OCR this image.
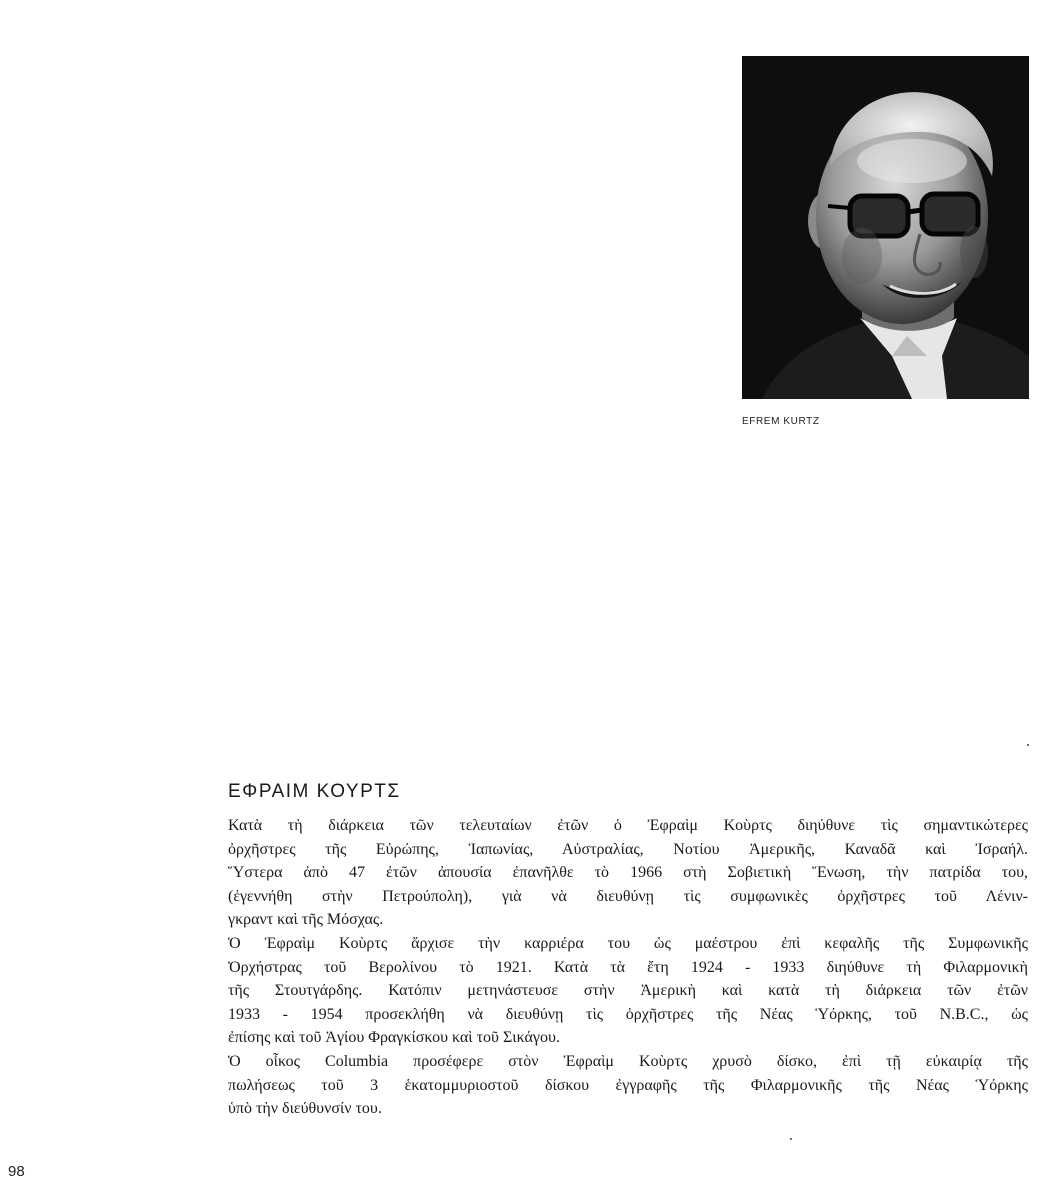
EFREM KURTZ
ΕΦΡΑΙΜ ΚΟΥΡΤΣ
Κατὰ τὴ διάρκεια τῶν τελευταίων ἐτῶν ὁ Ἐφραὶμ Κοὺρτς διηύθυνε τὶς σημαντικώτερες
ὀρχῆστρες τῆς Εὐρώπης, Ἰαπωνίας, Αὐστραλίας, Νοτίου Ἀμερικῆς, Καναδᾶ καὶ Ἰσραήλ.
Ὕστερα ἀπὸ 47 ἐτῶν ἀπουσία ἐπανῆλθε τὸ 1966 στὴ Σοβιετικὴ Ἕνωση, τὴν πατρίδα του,
(ἐγεννήθη στὴν Πετρούπολη), γιὰ νὰ διευθύνῃ τὶς συμφωνικὲς ὀρχῆστρες τοῦ Λένιν-
γκραντ καὶ τῆς Μόσχας.
Ὁ Ἐφραὶμ Κοὺρτς ἄρχισε τὴν καρριέρα του ὡς μαέστρου ἐπὶ κεφαλῆς τῆς Συμφωνικῆς
Ὀρχήστρας τοῦ Βερολίνου τὸ 1921. Κατὰ τὰ ἔτη 1924 - 1933 διηύθυνε τὴ Φιλαρμονικὴ
τῆς Στουτγάρδης. Κατόπιν μετηνάστευσε στὴν Ἀμερικὴ καὶ κατὰ τὴ διάρκεια τῶν ἐτῶν
1933 - 1954 προσεκλήθη νὰ διευθύνῃ τὶς ὀρχῆστρες τῆς Νέας Ὑόρκης, τοῦ N.B.C., ὡς
ἐπίσης καὶ τοῦ Ἁγίου Φραγκίσκου καὶ τοῦ Σικάγου.
Ὁ οἶκος Columbia προσέφερε στὸν Ἐφραὶμ Κοὺρτς χρυσὸ δίσκο, ἐπὶ τῇ εὐκαιρίᾳ τῆς
πωλήσεως τοῦ 3 ἑκατομμυριοστοῦ δίσκου ἐγγραφῆς τῆς Φιλαρμονικῆς τῆς Νέας Ὑόρκης
ὑπὸ τὴν διεύθυνσίν του.
98
